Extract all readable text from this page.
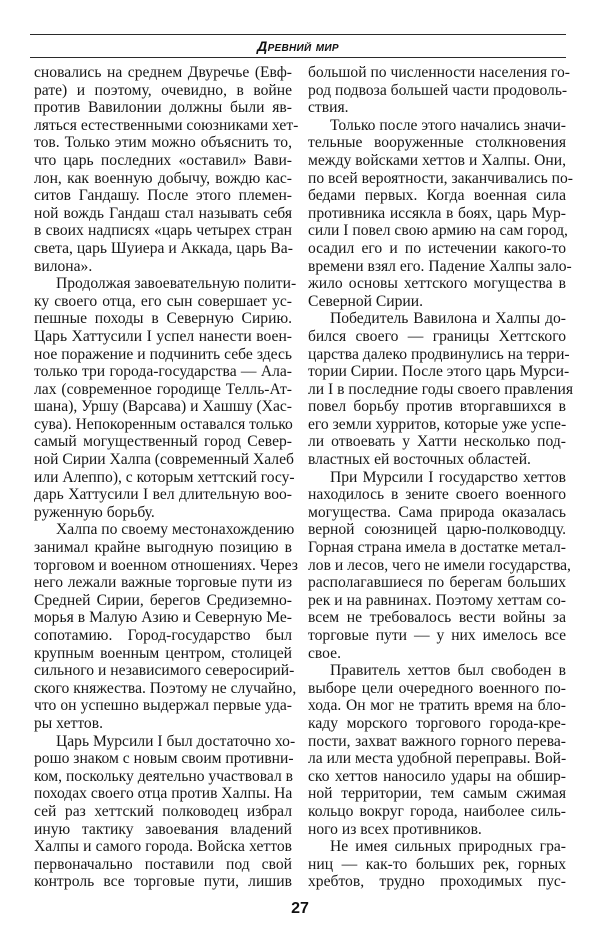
Древний мир
сновались на среднем Двуречье (Евф-
рате) и поэтому, очевидно, в войне
против Вавилонии должны были яв-
ляться естественными союзниками хет-
тов. Только этим можно объяснить то,
что царь последних «оставил» Вави-
лон, как военную добычу, вождю кас-
ситов Гандашу. После этого племен-
ной вождь Гандаш стал называть себя
в своих надписях «царь четырех стран
света, царь Шуиера и Аккада, царь Ва-
вилона».
Продолжая завоевательную полити-
ку своего отца, его сын совершает ус-
пешные походы в Северную Сирию.
Царь Хаттусили I успел нанести воен-
ное поражение и подчинить себе здесь
только три города-государства — Ала-
лах (современное городище Телль-Ат-
шана), Уршу (Варсава) и Хашшу (Хас-
сува). Непокоренным оставался только
самый могущественный город Север-
ной Сирии Халпа (современный Халеб
или Алеппо), с которым хеттский госу-
дарь Хаттусили I вел длительную воо-
руженную борьбу.
Халпа по своему местонахождению
занимал крайне выгодную позицию в
торговом и военном отношениях. Через
него лежали важные торговые пути из
Средней Сирии, берегов Средиземно-
морья в Малую Азию и Северную Ме-
сопотамию. Город-государство был
крупным военным центром, столицей
сильного и независимого северосирий-
ского княжества. Поэтому не случайно,
что он успешно выдержал первые уда-
ры хеттов.
Царь Мурсили I был достаточно хо-
рошо знаком с новым своим противни-
ком, поскольку деятельно участвовал в
походах своего отца против Халпы. На
сей раз хеттский полководец избрал
иную тактику завоевания владений
Халпы и самого города. Войска хеттов
первоначально поставили под свой
контроль все торговые пути, лишив
большой по численности населения го-
род подвоза большей части продоволь-
ствия.
Только после этого начались значи-
тельные вооруженные столкновения
между войсками хеттов и Халпы. Они,
по всей вероятности, заканчивались по-
бедами первых. Когда военная сила
противника иссякла в боях, царь Мур-
сили I повел свою армию на сам город,
осадил его и по истечении какого-то
времени взял его. Падение Халпы зало-
жило основы хеттского могущества в
Северной Сирии.
Победитель Вавилона и Халпы до-
бился своего — границы Хеттского
царства далеко продвинулись на терри-
тории Сирии. После этого царь Мурси-
ли I в последние годы своего правления
повел борьбу против вторгавшихся в
его земли хурритов, которые уже успе-
ли отвоевать у Хатти несколько под-
властных ей восточных областей.
При Мурсили I государство хеттов
находилось в зените своего военного
могущества. Сама природа оказалась
верной союзницей царю-полководцу.
Горная страна имела в достатке метал-
лов и лесов, чего не имели государства,
располагавшиеся по берегам больших
рек и на равнинах. Поэтому хеттам со-
всем не требовалось вести войны за
торговые пути — у них имелось все
свое.
Правитель хеттов был свободен в
выборе цели очередного военного по-
хода. Он мог не тратить время на бло-
каду морского торгового города-кре-
пости, захват важного горного перева-
ла или места удобной переправы. Вой-
ско хеттов наносило удары на обшир-
ной территории, тем самым сжимая
кольцо вокруг города, наиболее силь-
ного из всех противников.
Не имея сильных природных гра-
ниц — как-то больших рек, горных
хребтов, трудно проходимых пус-
27
